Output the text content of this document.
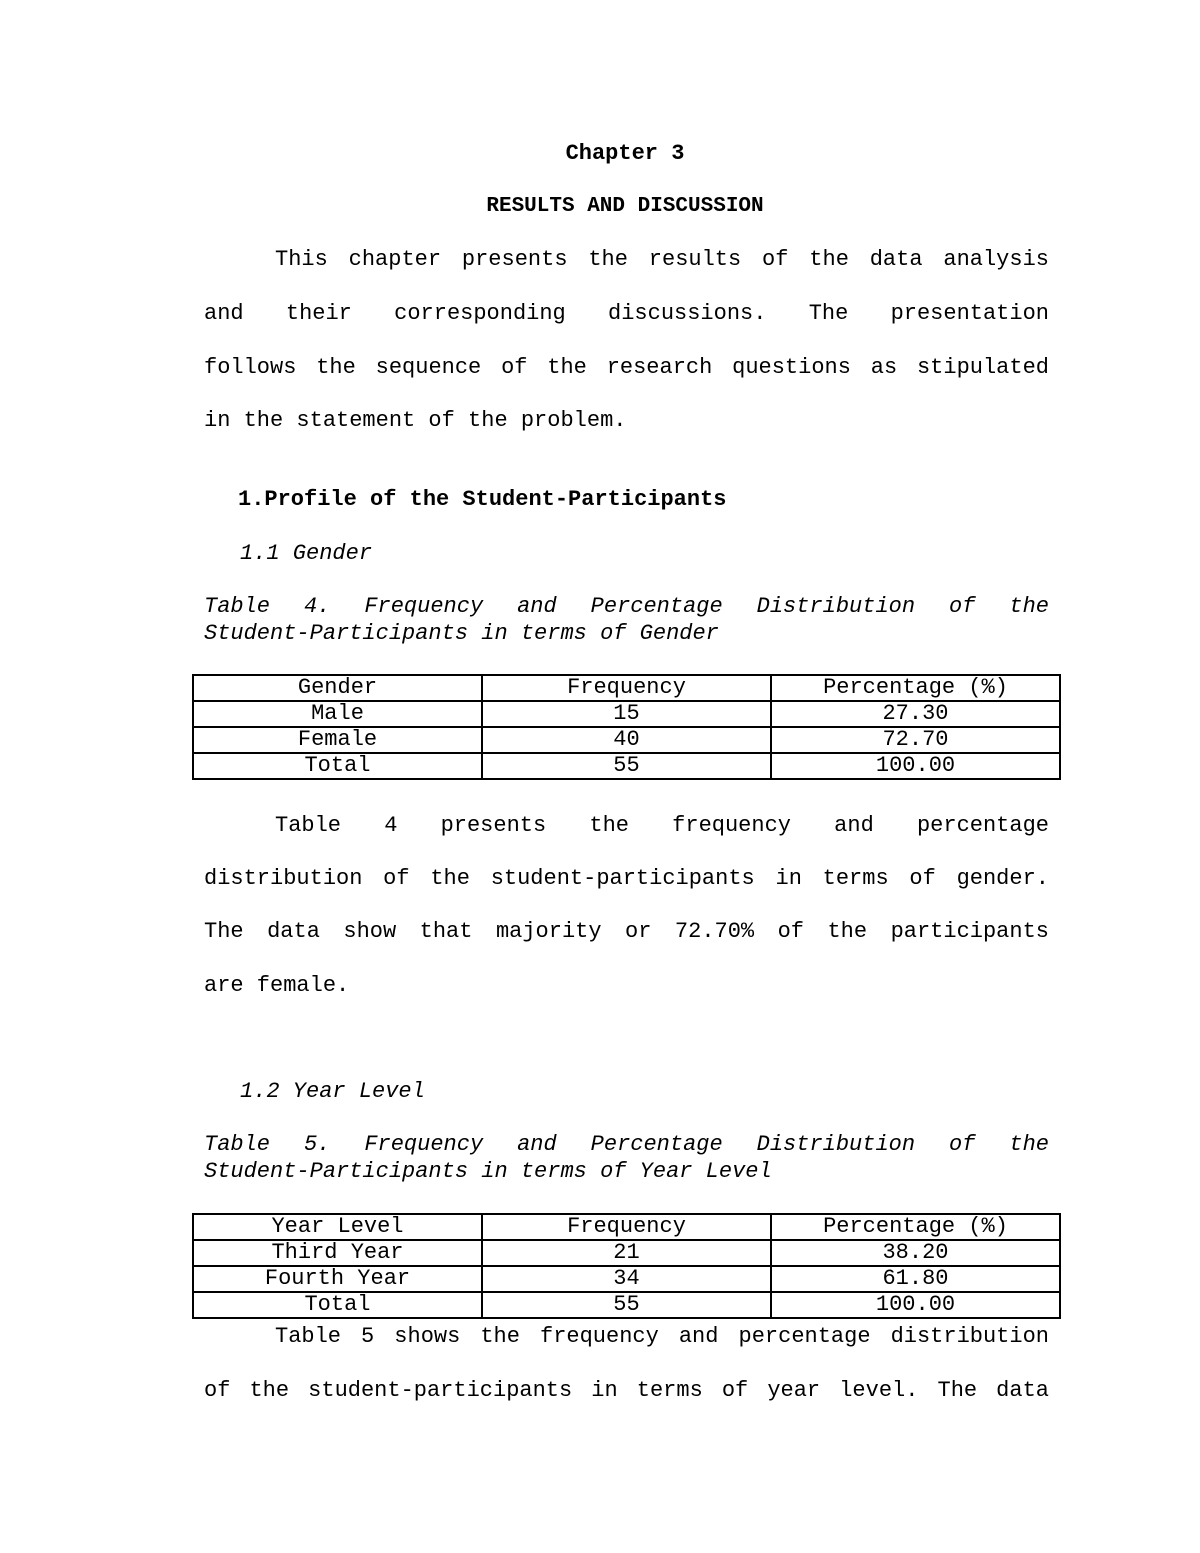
Chapter 3

RESULTS AND DISCUSSION

This chapter presents the results of the data analysis

and their corresponding discussions. The presentation

follows the sequence of the research questions as stipulated

in the statement of the problem.

1.Profile of the Student-Participants

1.1 Gender

Table 4. Frequency and Percentage Distribution of the

Student-Participants in terms of Gender

Gender	Frequency	Percentage (%)
Male	15	27.30
Female	40	72.70
Total	55	100.00

Table 4 presents the frequency and percentage

distribution of the student-participants in terms of gender.

The data show that majority or 72.70% of the participants

are female.

1.2 Year Level

Table 5. Frequency and Percentage Distribution of the

Student-Participants in terms of Year Level

Year Level	Frequency	Percentage (%)
Third Year	21	38.20
Fourth Year	34	61.80
Total	55	100.00

Table 5 shows the frequency and percentage distribution

of the student-participants in terms of year level. The data
